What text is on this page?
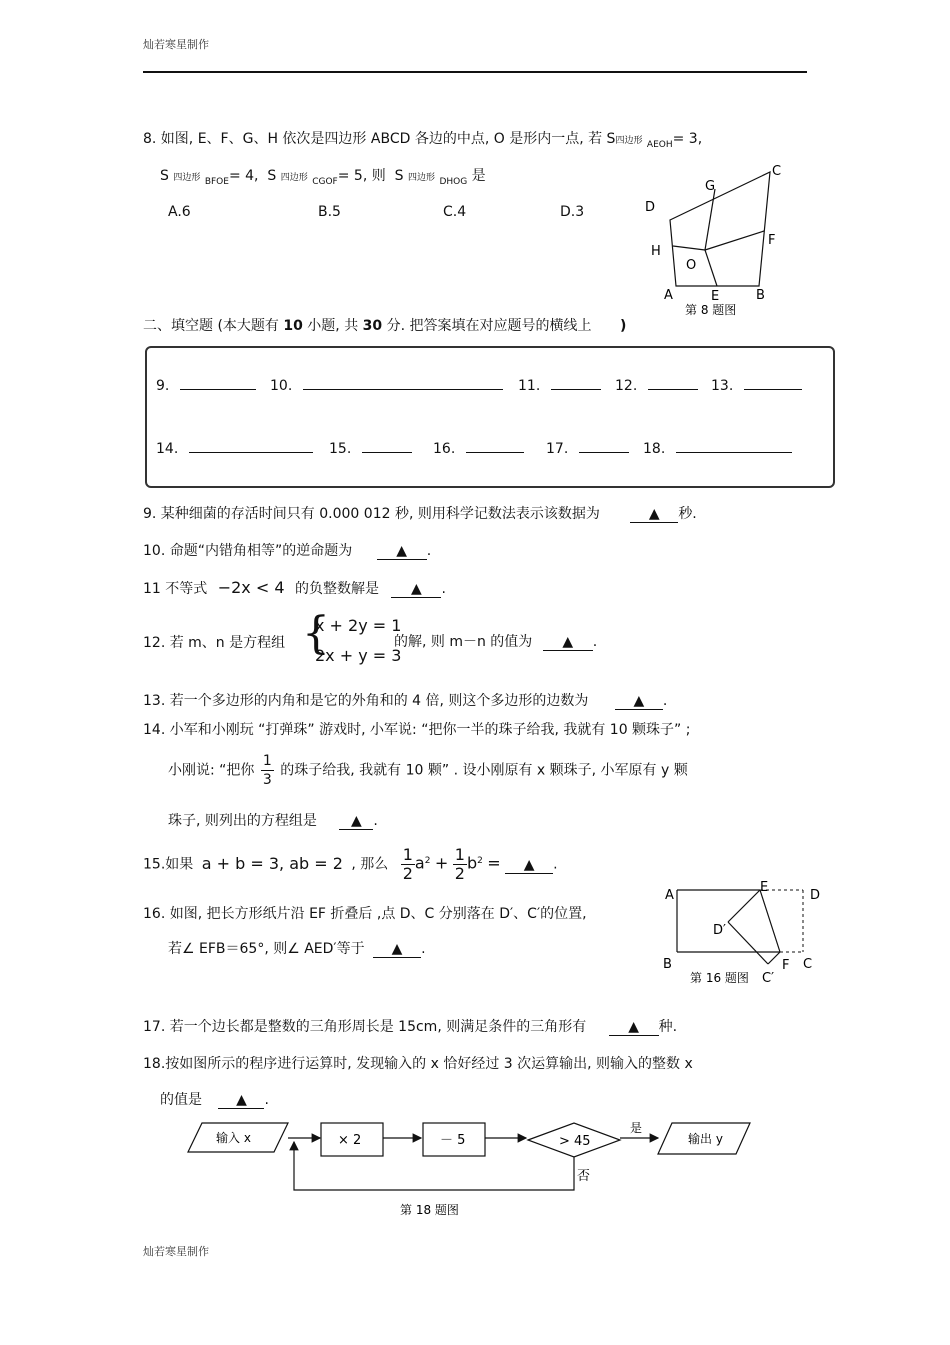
灿若寒星制作
8. 如图, E、F、G、H 依次是四边形 ABCD 各边的中点, O 是形内一点, 若 S四边形 $_{AEOH}$= 3,
S 四边形 $_{BFOE}$= 4, S 四边形 $_{CGOF}$= 5, 则 S 四边形 $_{DHOG}$ 是
A.6	B.5	C.4	D.3	D
G
C
H
O
F
A	E	B
第 8 题图
二、填空题 (本大题有 10 小题, 共 30 分. 把答案填在对应题号的横线上 )
9.	10.	11.	12.	13.
14.	15.	16.	17.	18.
9. 某种细菌的存活时间只有 0.000 012 秒, 则用科学记数法表示该数据为	▲ 秒.
10. 命题“内错角相等”的逆命题为	▲ .
11 不等式 −2x < 4 的负整数解是 ▲ .
12. 若 m、n 是方程组 {
x + 2y = 1
2x + y = 3
的解, 则 m－n 的值为 ▲ .
13. 若一个多边形的内角和是它的外角和的 4 倍, 则这个多边形的边数为	▲ .
14. 小军和小刚玩 “打弹珠” 游戏时, 小军说: “把你一半的珠子给我, 我就有 10 颗珠子” ;
小刚说: “把你 $\frac{1}{3}$ 的珠子给我, 我就有 10 颗” . 设小刚原有 x 颗珠子, 小军原有 y 颗
珠子, 则列出的方程组是 ▲ .
15.如果 a + b = 3, ab = 2 , 那么 $\frac{1}{2} a^2 + \frac{1}{2} b^2$ = ▲ .
16. 如图, 把长方形纸片沿 EF 折叠后 ,点 D、C 分别落在 D′、C′的位置,
若∠ EFB＝65°, 则∠ AED′等于 ▲ .
A
E
D
D′
B	F C
第 16 题图 C′
17. 若一个边长都是整数的三角形周长是 15cm, 则满足条件的三角形有	▲ 种.
18.按如图所示的程序进行运算时, 发现输入的 x 恰好经过 3 次运算输出, 则输入的整数 x
的值是 ▲ .
输入 x	× 2	－ 5	> 45
是
输出 y
否
第 18 题图
灿若寒星制作
